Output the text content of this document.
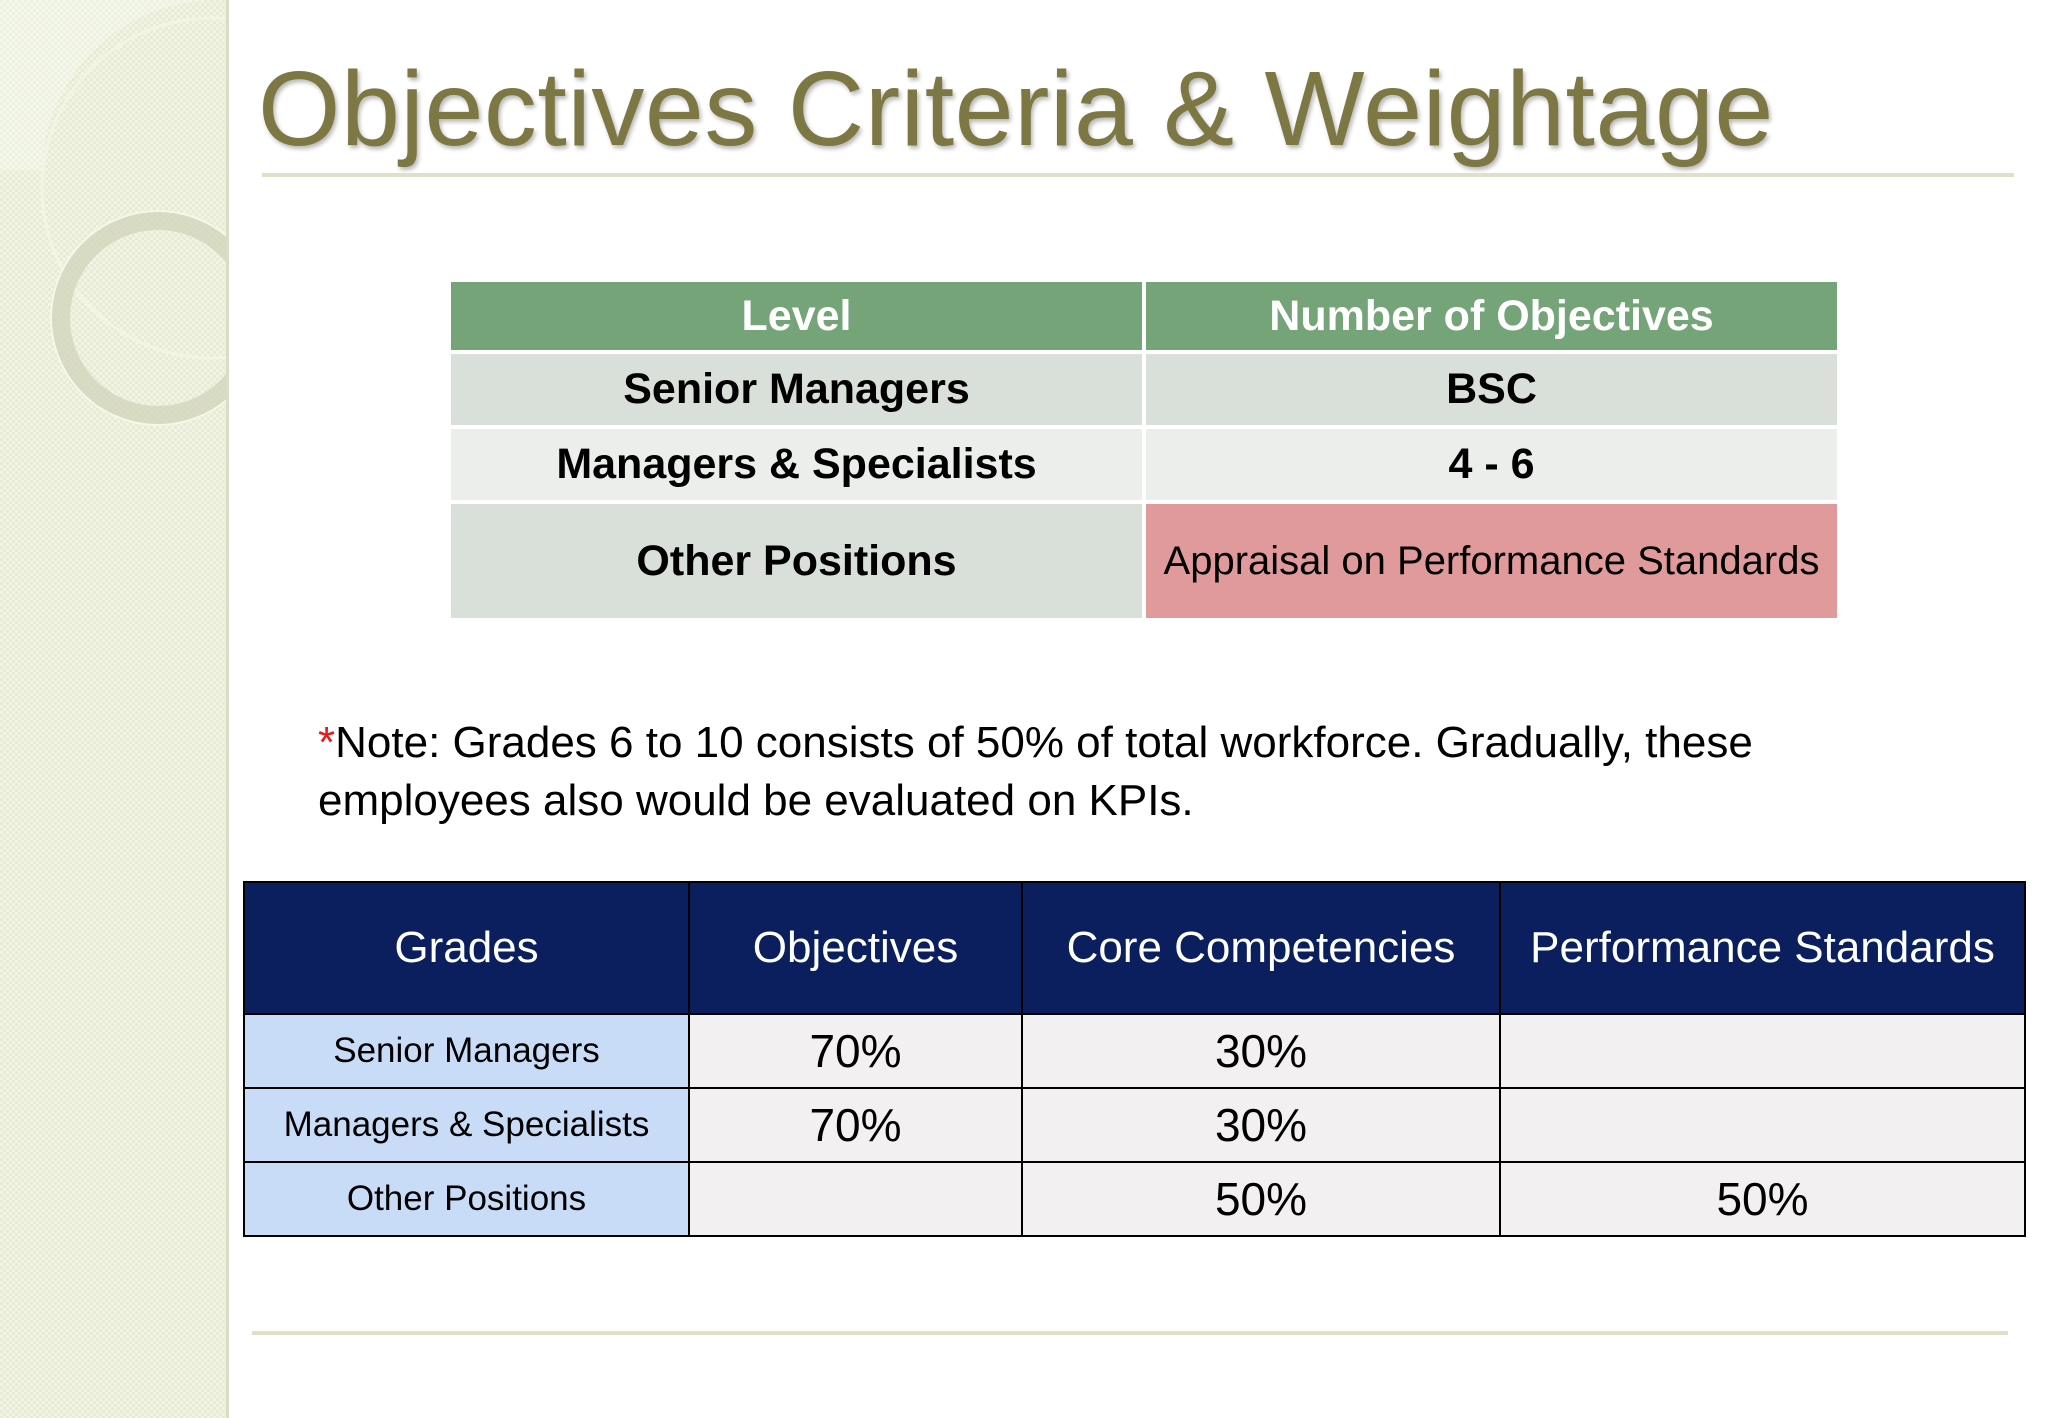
Objectives Criteria & Weightage
Level	Number of Objectives
Senior Managers	BSC
Managers & Specialists	4 - 6
Other Positions	Appraisal on Performance Standards

*Note: Grades 6 to 10 consists of 50% of total workforce. Gradually, these employees also would be evaluated on KPIs.

Grades	Objectives	Core Competencies	Performance Standards
Senior Managers	70%	30%	
Managers & Specialists	70%	30%	
Other Positions		50%	50%
